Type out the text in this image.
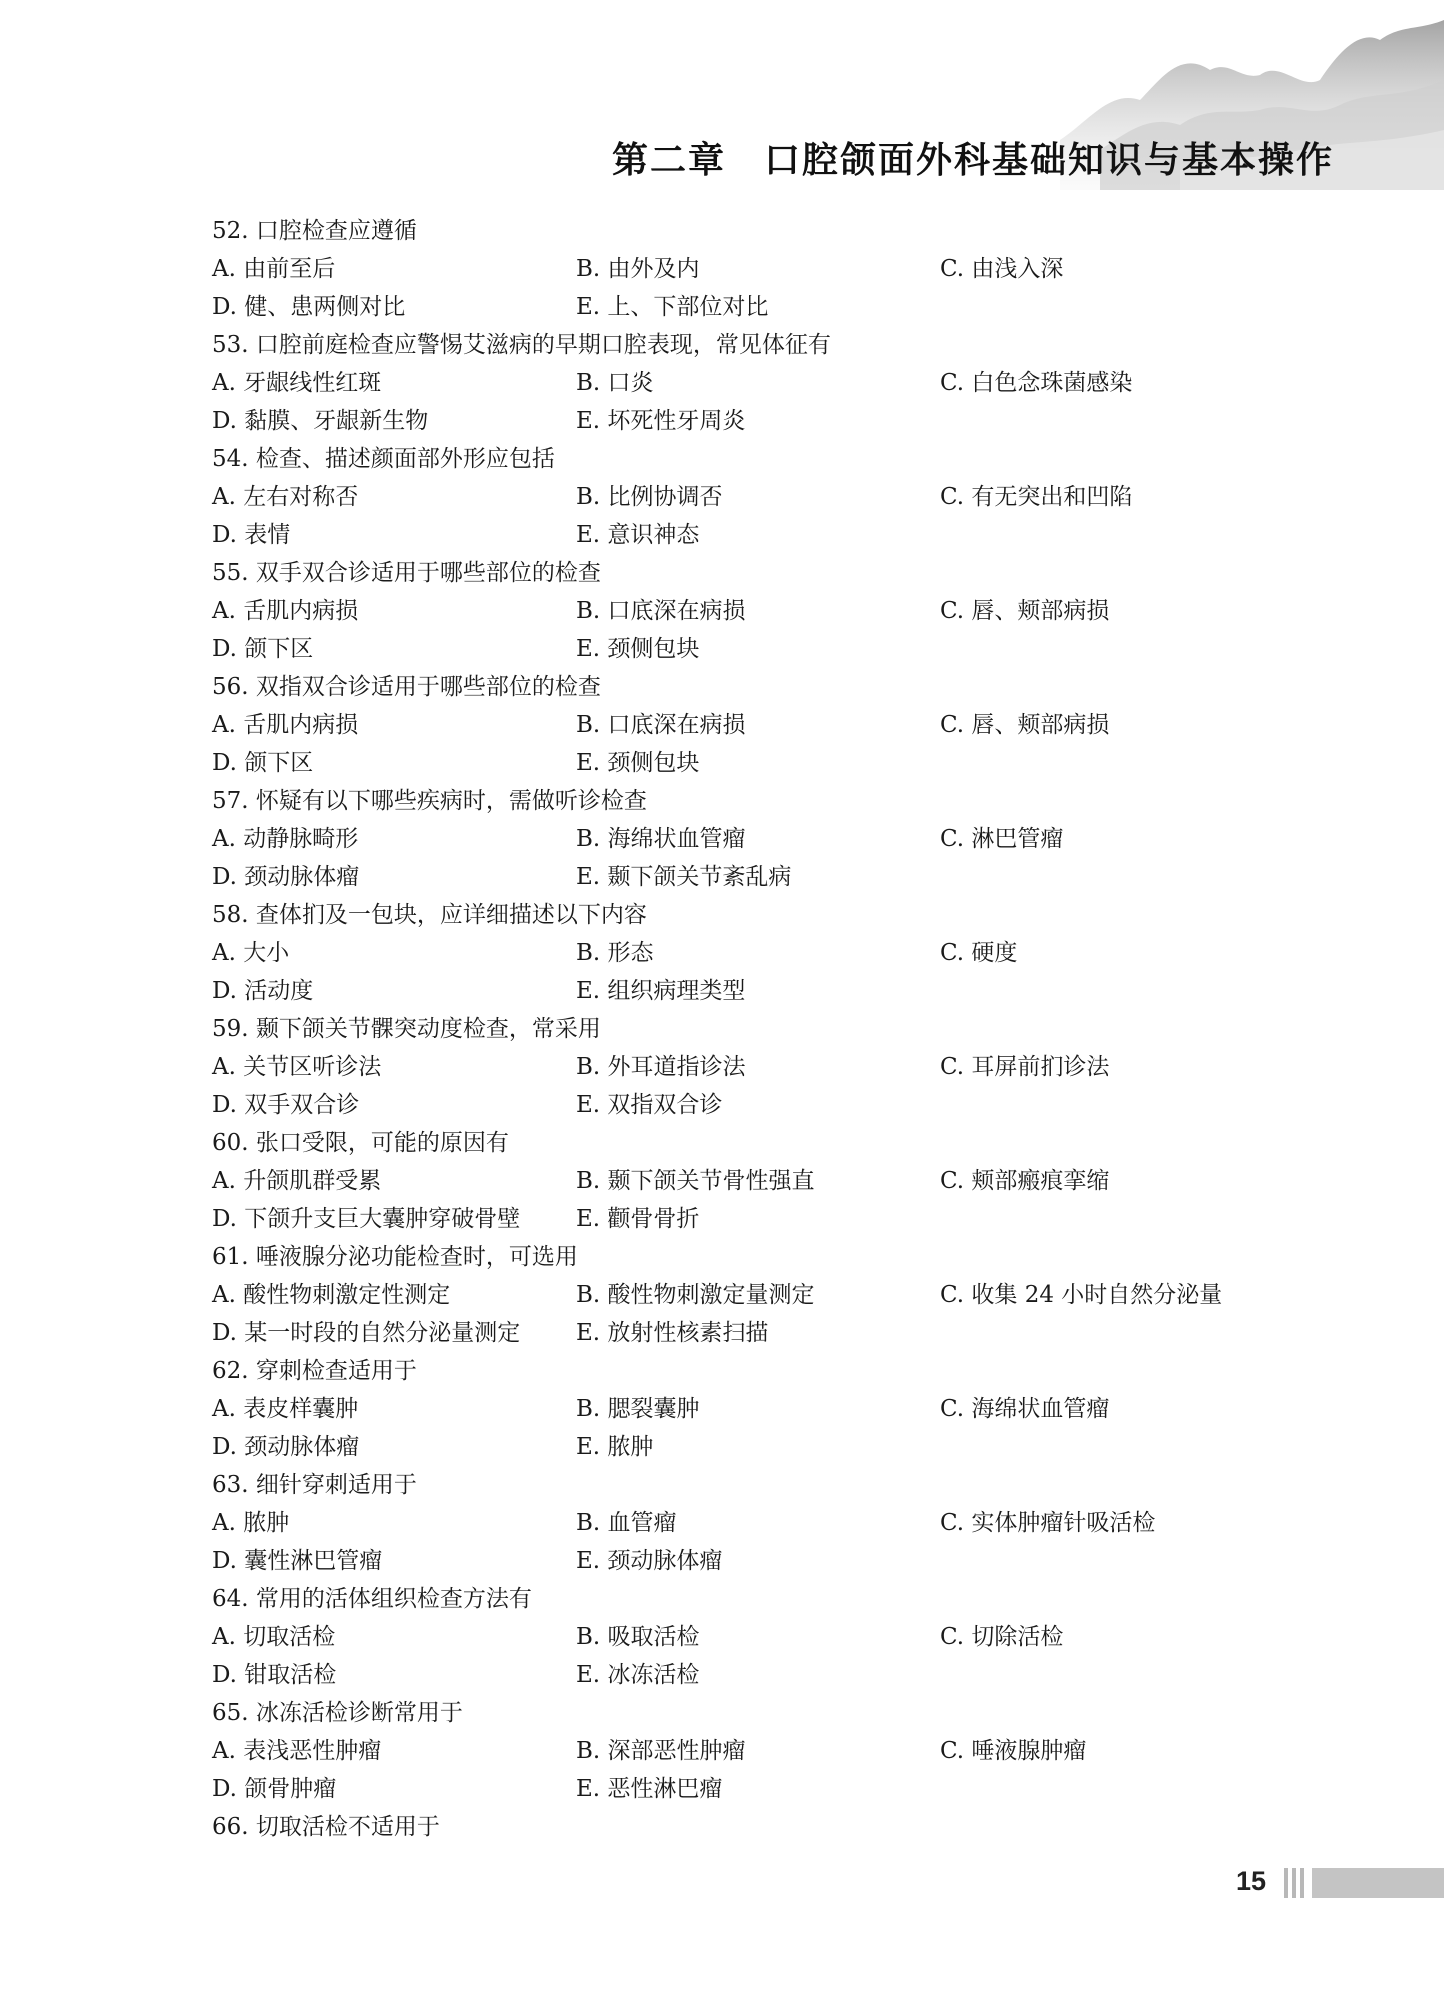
第二章　口腔颌面外科基础知识与基本操作
52. 口腔检查应遵循
A. 由前至后	B. 由外及内	C. 由浅入深
D. 健、患两侧对比	E. 上、下部位对比
53. 口腔前庭检查应警惕艾滋病的早期口腔表现，常见体征有
A. 牙龈线性红斑	B. 口炎	C. 白色念珠菌感染
D. 黏膜、牙龈新生物	E. 坏死性牙周炎
54. 检查、描述颜面部外形应包括
A. 左右对称否	B. 比例协调否	C. 有无突出和凹陷
D. 表情	E. 意识神态
55. 双手双合诊适用于哪些部位的检查
A. 舌肌内病损	B. 口底深在病损	C. 唇、颊部病损
D. 颌下区	E. 颈侧包块
56. 双指双合诊适用于哪些部位的检查
A. 舌肌内病损	B. 口底深在病损	C. 唇、颊部病损
D. 颌下区	E. 颈侧包块
57. 怀疑有以下哪些疾病时，需做听诊检查
A. 动静脉畸形	B. 海绵状血管瘤	C. 淋巴管瘤
D. 颈动脉体瘤	E. 颞下颌关节紊乱病
58. 查体扪及一包块，应详细描述以下内容
A. 大小	B. 形态	C. 硬度
D. 活动度	E. 组织病理类型
59. 颞下颌关节髁突动度检查，常采用
A. 关节区听诊法	B. 外耳道指诊法	C. 耳屏前扪诊法
D. 双手双合诊	E. 双指双合诊
60. 张口受限，可能的原因有
A. 升颌肌群受累	B. 颞下颌关节骨性强直	C. 颊部瘢痕挛缩
D. 下颌升支巨大囊肿穿破骨壁 E. 颧骨骨折
61. 唾液腺分泌功能检查时，可选用
A. 酸性物刺激定性测定	B. 酸性物刺激定量测定	C. 收集 24 小时自然分泌量
D. 某一时段的自然分泌量测定 E. 放射性核素扫描
62. 穿刺检查适用于
A. 表皮样囊肿	B. 腮裂囊肿	C. 海绵状血管瘤
D. 颈动脉体瘤	E. 脓肿
63. 细针穿刺适用于
A. 脓肿	B. 血管瘤	C. 实体肿瘤针吸活检
D. 囊性淋巴管瘤	E. 颈动脉体瘤
64. 常用的活体组织检查方法有
A. 切取活检	B. 吸取活检	C. 切除活检
D. 钳取活检	E. 冰冻活检
65. 冰冻活检诊断常用于
A. 表浅恶性肿瘤	B. 深部恶性肿瘤	C. 唾液腺肿瘤
D. 颌骨肿瘤	E. 恶性淋巴瘤
66. 切取活检不适用于
15
